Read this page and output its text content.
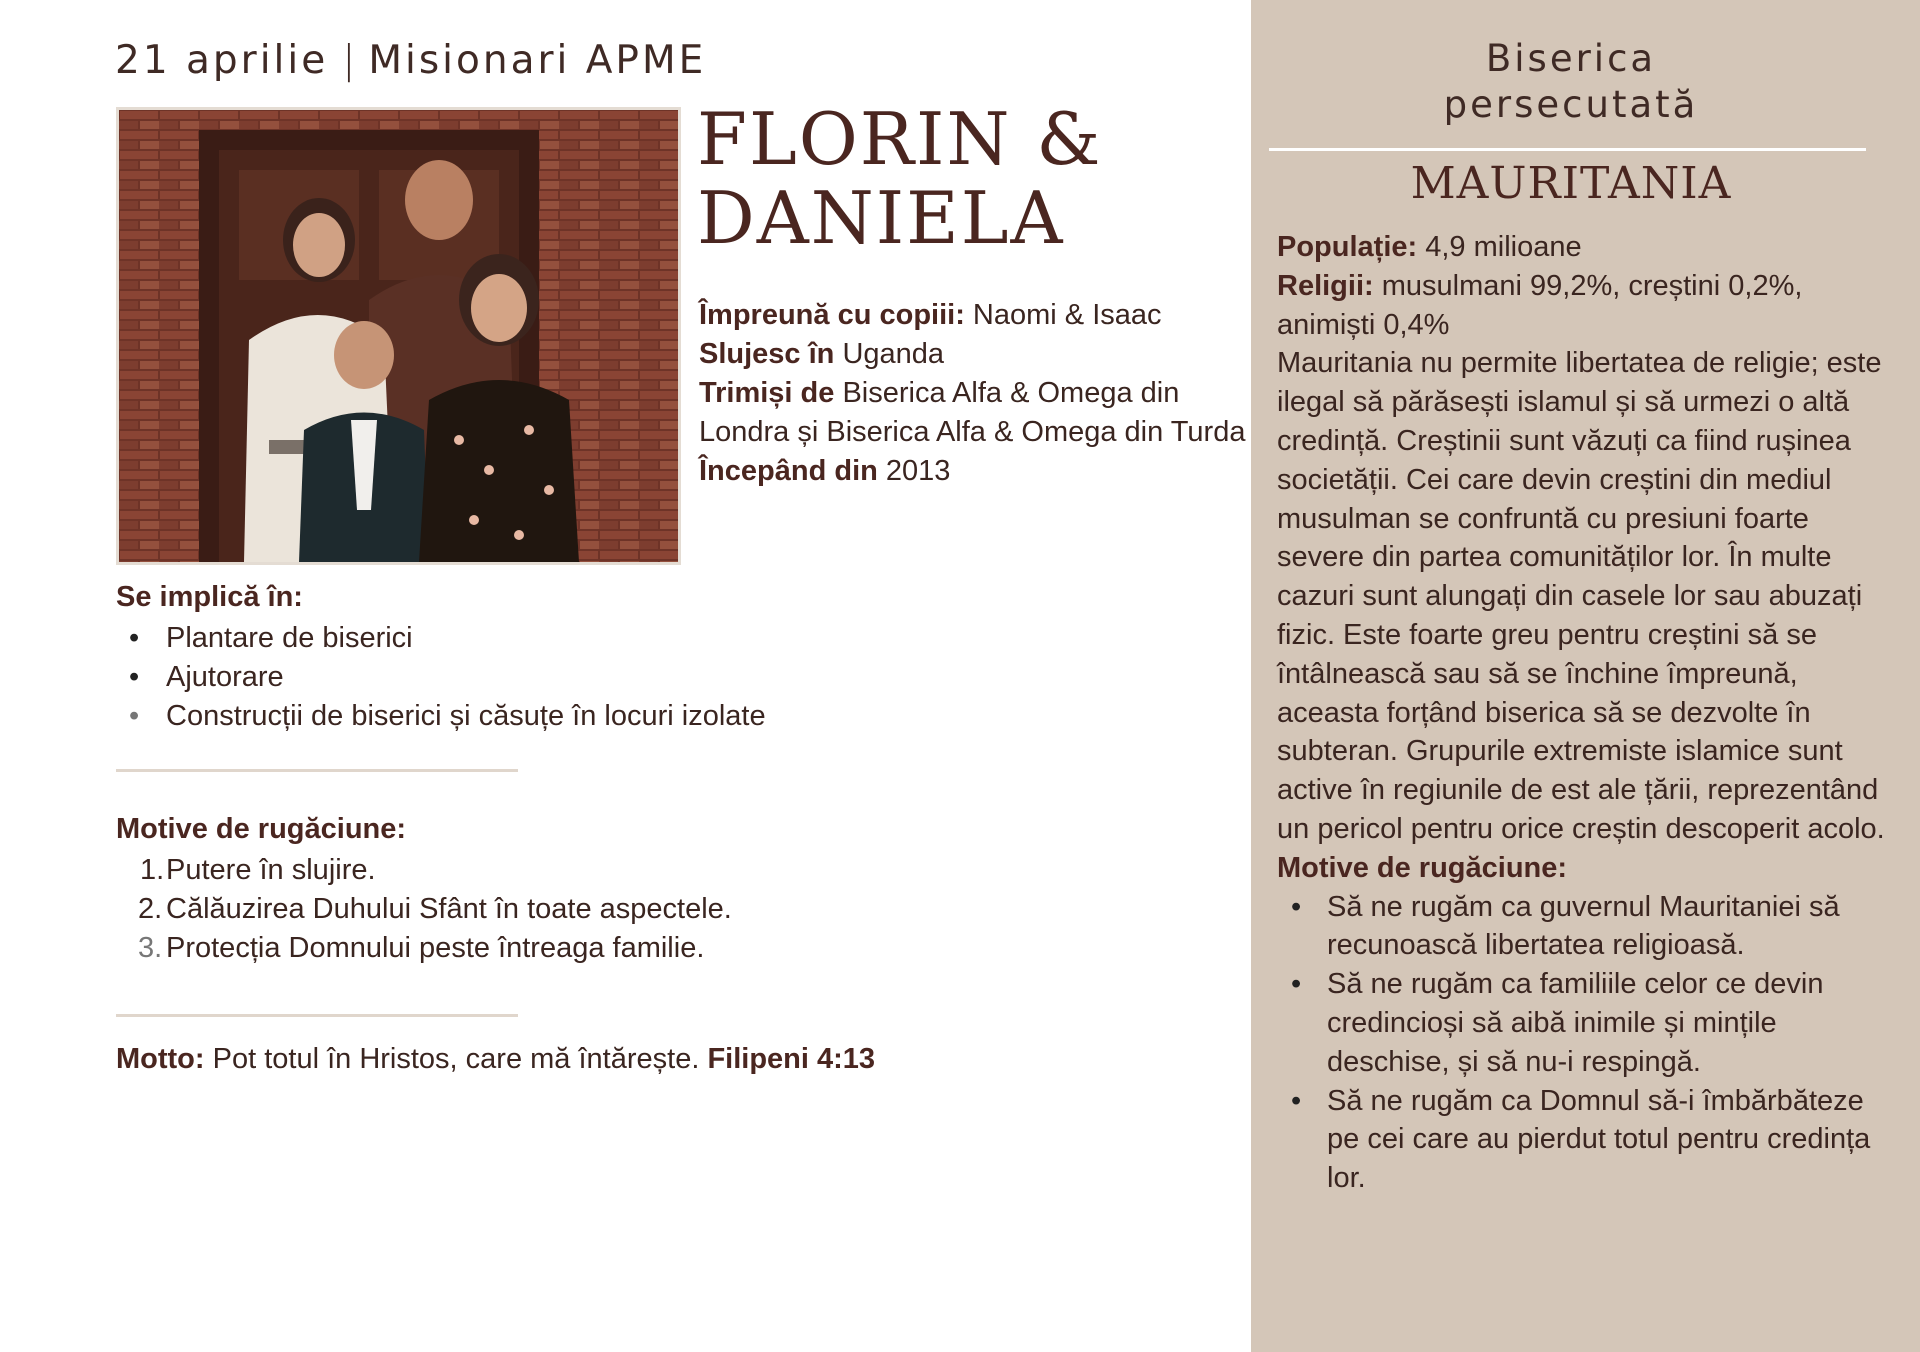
21 aprilie | Misionari APME
FLORIN &
DANIELA
Împreună cu copiii: Naomi & Isaac
Slujesc în Uganda
Trimiși de Biserica Alfa & Omega din Londra și Biserica Alfa & Omega din Turda
Începând din 2013
Se implică în:
• Plantare de biserici
• Ajutorare
• Construcții de biserici și căsuțe în locuri izolate
Motive de rugăciune:
1. Putere în slujire.
2. Călăuzirea Duhului Sfânt în toate aspectele.
3. Protecția Domnului peste întreaga familie.
Motto: Pot totul în Hristos, care mă întărește. Filipeni 4:13
Biserica
persecutată
MAURITANIA

Populație: 4,9 milioane

Religii: musulmani 99,2%, creștini 0,2%, animiști 0,4%

Mauritania nu permite libertatea de religie; este ilegal să părăsești islamul și să urmezi o altă credință. Creștinii sunt văzuți ca fiind rușinea societății. Cei care devin creștini din mediul musulman se confruntă cu presiuni foarte severe din partea comunităților lor. În multe cazuri sunt alungați din casele lor sau abuzați fizic. Este foarte greu pentru creștini să se întâlnească sau să se închine împreună, aceasta forțând biserica să se dezvolte în subteran. Grupurile extremiste islamice sunt active în regiunile de est ale țării, reprezentând un pericol pentru orice creștin descoperit acolo.

Motive de rugăciune:

• Să ne rugăm ca guvernul Mauritaniei să recunoască libertatea religioasă.
• Să ne rugăm ca familiile celor ce devin credincioși să aibă inimile și mințile deschise, și să nu-i respingă.
• Să ne rugăm ca Domnul să-i îmbărbăteze pe cei care au pierdut totul pentru credința lor.
